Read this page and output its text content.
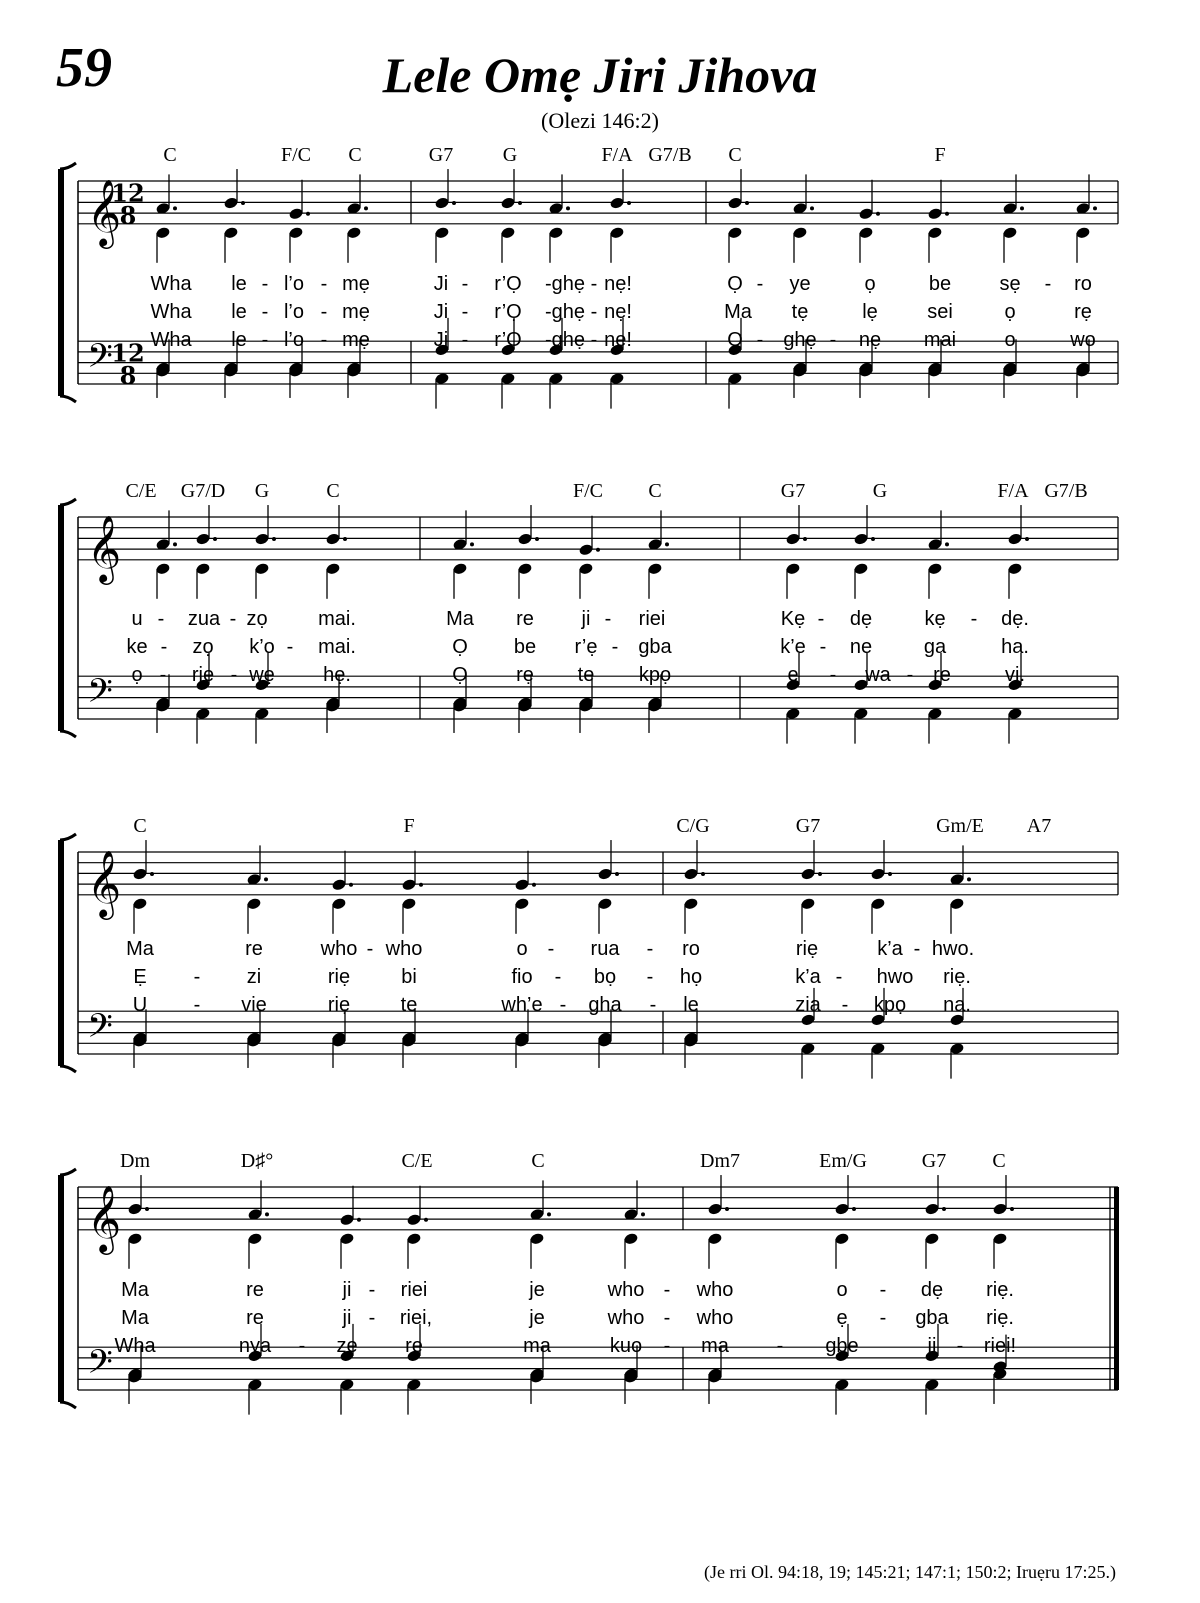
59	Lele Omẹ Jiri Jihova
(Olezi 146:2)
𝄞
𝄢
12
8
12
8
𝄞
𝄢
𝄞
𝄢
𝄞
𝄢
C	F/C C	G7 G	F/A G7/B C	F
Wha le - l’o - mẹ	Ji - r’Ọ -ghẹ - nẹ!	Ọ - ye	ọ	be sẹ - ro
Wha le - l’o - mẹ	Ji - r’Ọ -ghẹ - nẹ!	Ma tẹ	lẹ sei	ọ	rẹ
Wha le - l’o - mẹ	Ji - r’Ọ -ghẹ - nẹ!	Ọ - ghẹ - nẹ mai o	wo
C/E G7/D G	C	F/C C	G7	G	F/A G7/B
u - zua - zọ	mai.	Ma re ji - riei	Kẹ - dẹ	kẹ - dẹ.
ke - zọ k’o - mai.	Ọ be r’ẹ - gba	k’e - ne	ga	ha.
ọ - riẹ - wẹ hẹ.	Ọ rẹ te kpọ	e - wa - re	vi.
C	F	C/G	G7	Gm/E A7
Ma	re	who - who	o - rua - ro	riẹ	k’a - hwo.
Ẹ - zi	riẹ	bi	fio - bọ - họ	k’a - hwo riẹ.
U - vie	riẹ	te	wh’e - gha - le	zia - kpọ na.
Dm	D♯°	C/E	C	Dm7	Em/G	G7 C
Ma	re	ji - riei	je	who - who	o - dẹ riẹ.
Ma	re	ji - riei,	je	who - who	ẹ - gba riẹ.
Wha	nya - ze re	ma	kuo - ma - gbe	ji - riei!
(Je rri Ol. 94:18, 19; 145:21; 147:1; 150:2; Iruẹru 17:25.)
